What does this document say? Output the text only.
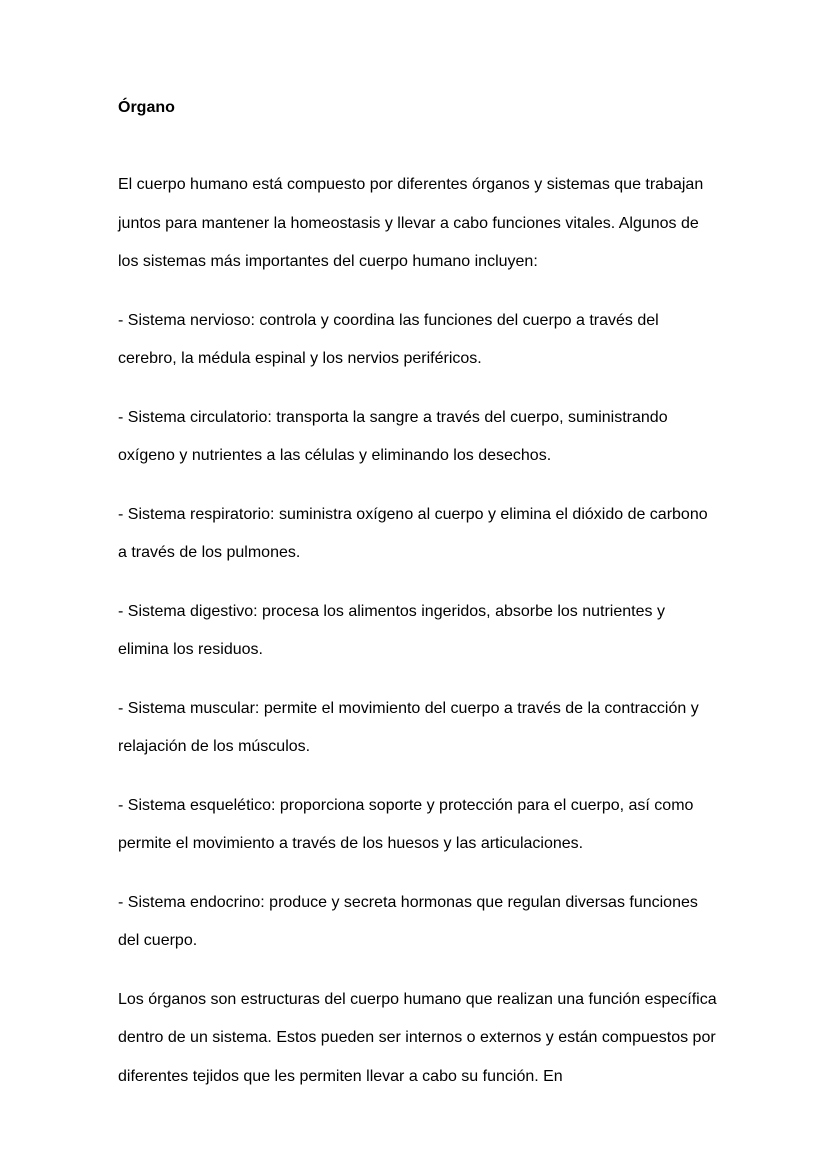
Órgano

El cuerpo humano está compuesto por diferentes órganos y sistemas que trabajan juntos para mantener la homeostasis y llevar a cabo funciones vitales. Algunos de los sistemas más importantes del cuerpo humano incluyen:

- Sistema nervioso: controla y coordina las funciones del cuerpo a través del cerebro, la médula espinal y los nervios periféricos.

- Sistema circulatorio: transporta la sangre a través del cuerpo, suministrando oxígeno y nutrientes a las células y eliminando los desechos.

- Sistema respiratorio: suministra oxígeno al cuerpo y elimina el dióxido de carbono a través de los pulmones.

- Sistema digestivo: procesa los alimentos ingeridos, absorbe los nutrientes y elimina los residuos.

- Sistema muscular: permite el movimiento del cuerpo a través de la contracción y relajación de los músculos.

- Sistema esquelético: proporciona soporte y protección para el cuerpo, así como permite el movimiento a través de los huesos y las articulaciones.

- Sistema endocrino: produce y secreta hormonas que regulan diversas funciones del cuerpo.

Los órganos son estructuras del cuerpo humano que realizan una función específica dentro de un sistema. Estos pueden ser internos o externos y están compuestos por diferentes tejidos que les permiten llevar a cabo su función. En
